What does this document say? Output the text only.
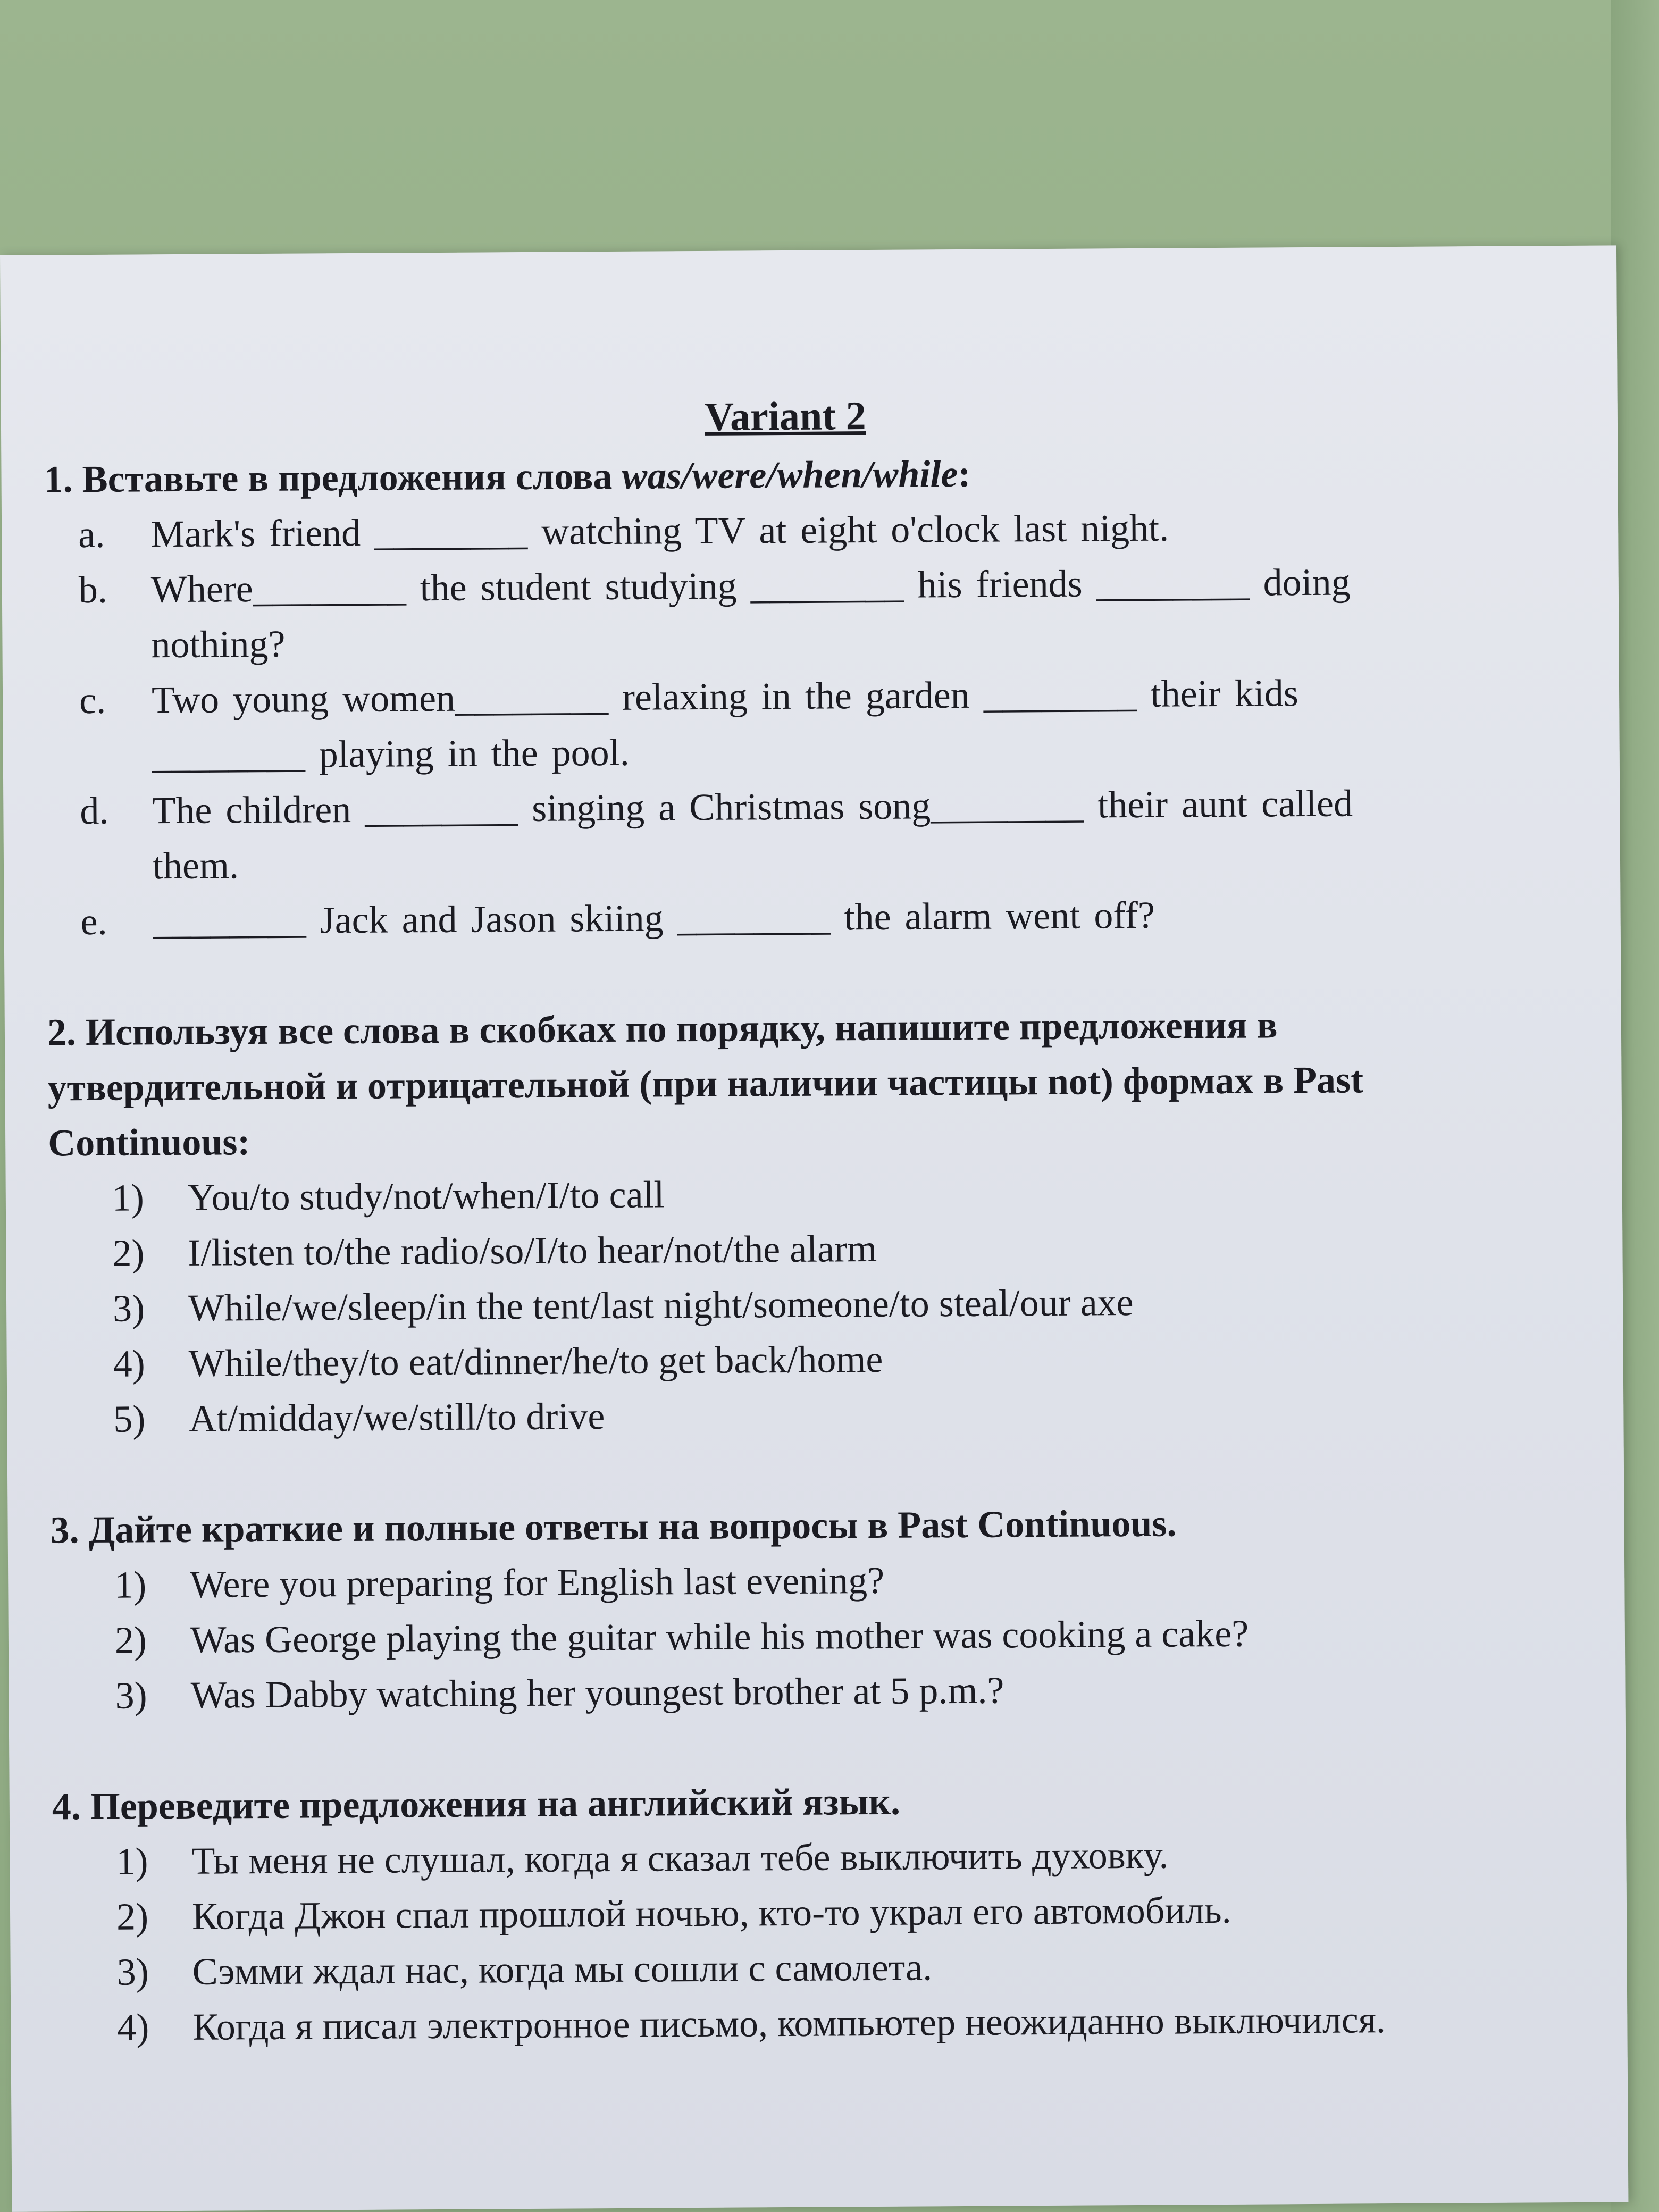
Variant 2
1. Вставьте в предложения слова was/were/when/while:
a.	Mark's friend ________ watching TV at eight o'clock last night.
b.	Where________ the student studying ________ his friends ________ doing
nothing?
c.	Two young women________ relaxing in the garden ________ their kids
________ playing in the pool.
d.	The children ________ singing a Christmas song________ their aunt called
them.
e.	________ Jack and Jason skiing ________ the alarm went off?
2. Используя все слова в скобках по порядку, напишите предложения в
утвердительной и отрицательной (при наличии частицы not) формах в Past
Continuous:
1)	You/to study/not/when/I/to call
2)	I/listen to/the radio/so/I/to hear/not/the alarm
3)	While/we/sleep/in the tent/last night/someone/to steal/our axe
4)	While/they/to eat/dinner/he/to get back/home
5)	At/midday/we/still/to drive
3. Дайте краткие и полные ответы на вопросы в Past Continuous.
1)	Were you preparing for English last evening?
2)	Was George playing the guitar while his mother was cooking a cake?
3)	Was Dabby watching her youngest brother at 5 p.m.?
4. Переведите предложения на английский язык.
1)	Ты меня не слушал, когда я сказал тебе выключить духовку.
2)	Когда Джон спал прошлой ночью, кто-то украл его автомобиль.
3)	Сэмми ждал нас, когда мы сошли с самолета.
4)	Когда я писал электронное письмо, компьютер неожиданно выключился.
